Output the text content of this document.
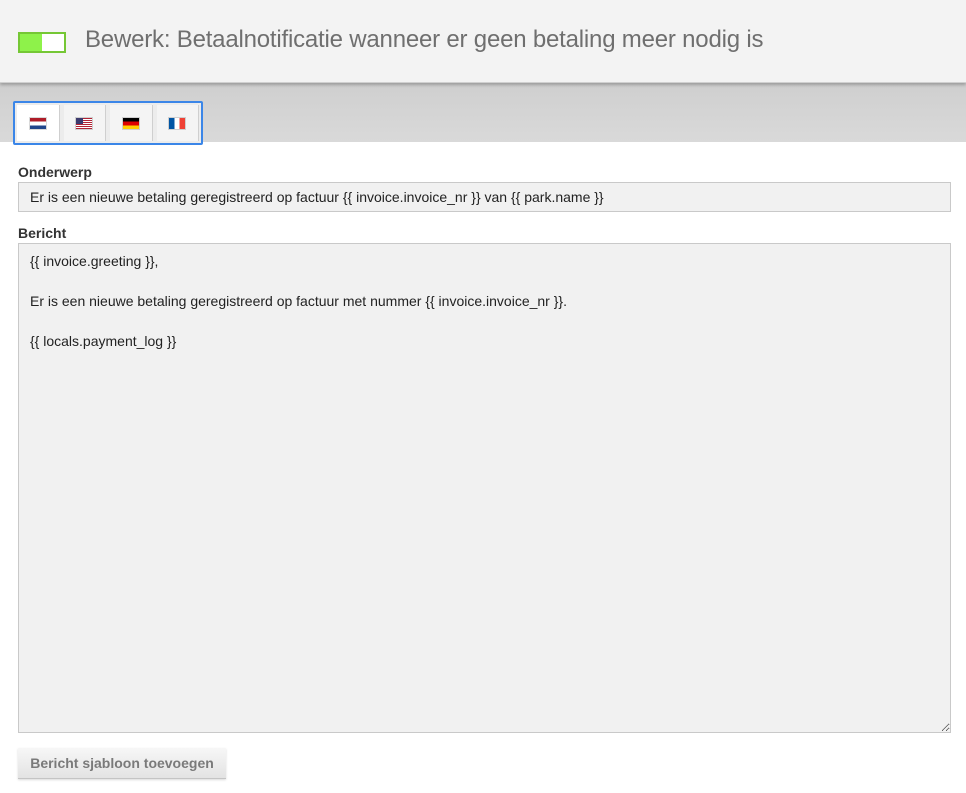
Bewerk: Betaalnotificatie wanneer er geen betaling meer nodig is
Onderwerp
Er is een nieuwe betaling geregistreerd op factuur {{ invoice.invoice_nr }} van {{ park.name }}
Bericht
{{ invoice.greeting }}, Er is een nieuwe betaling geregistreerd op factuur met nummer {{ invoice.invoice_nr }}. {{ locals.payment_log }}
Bericht sjabloon toevoegen
